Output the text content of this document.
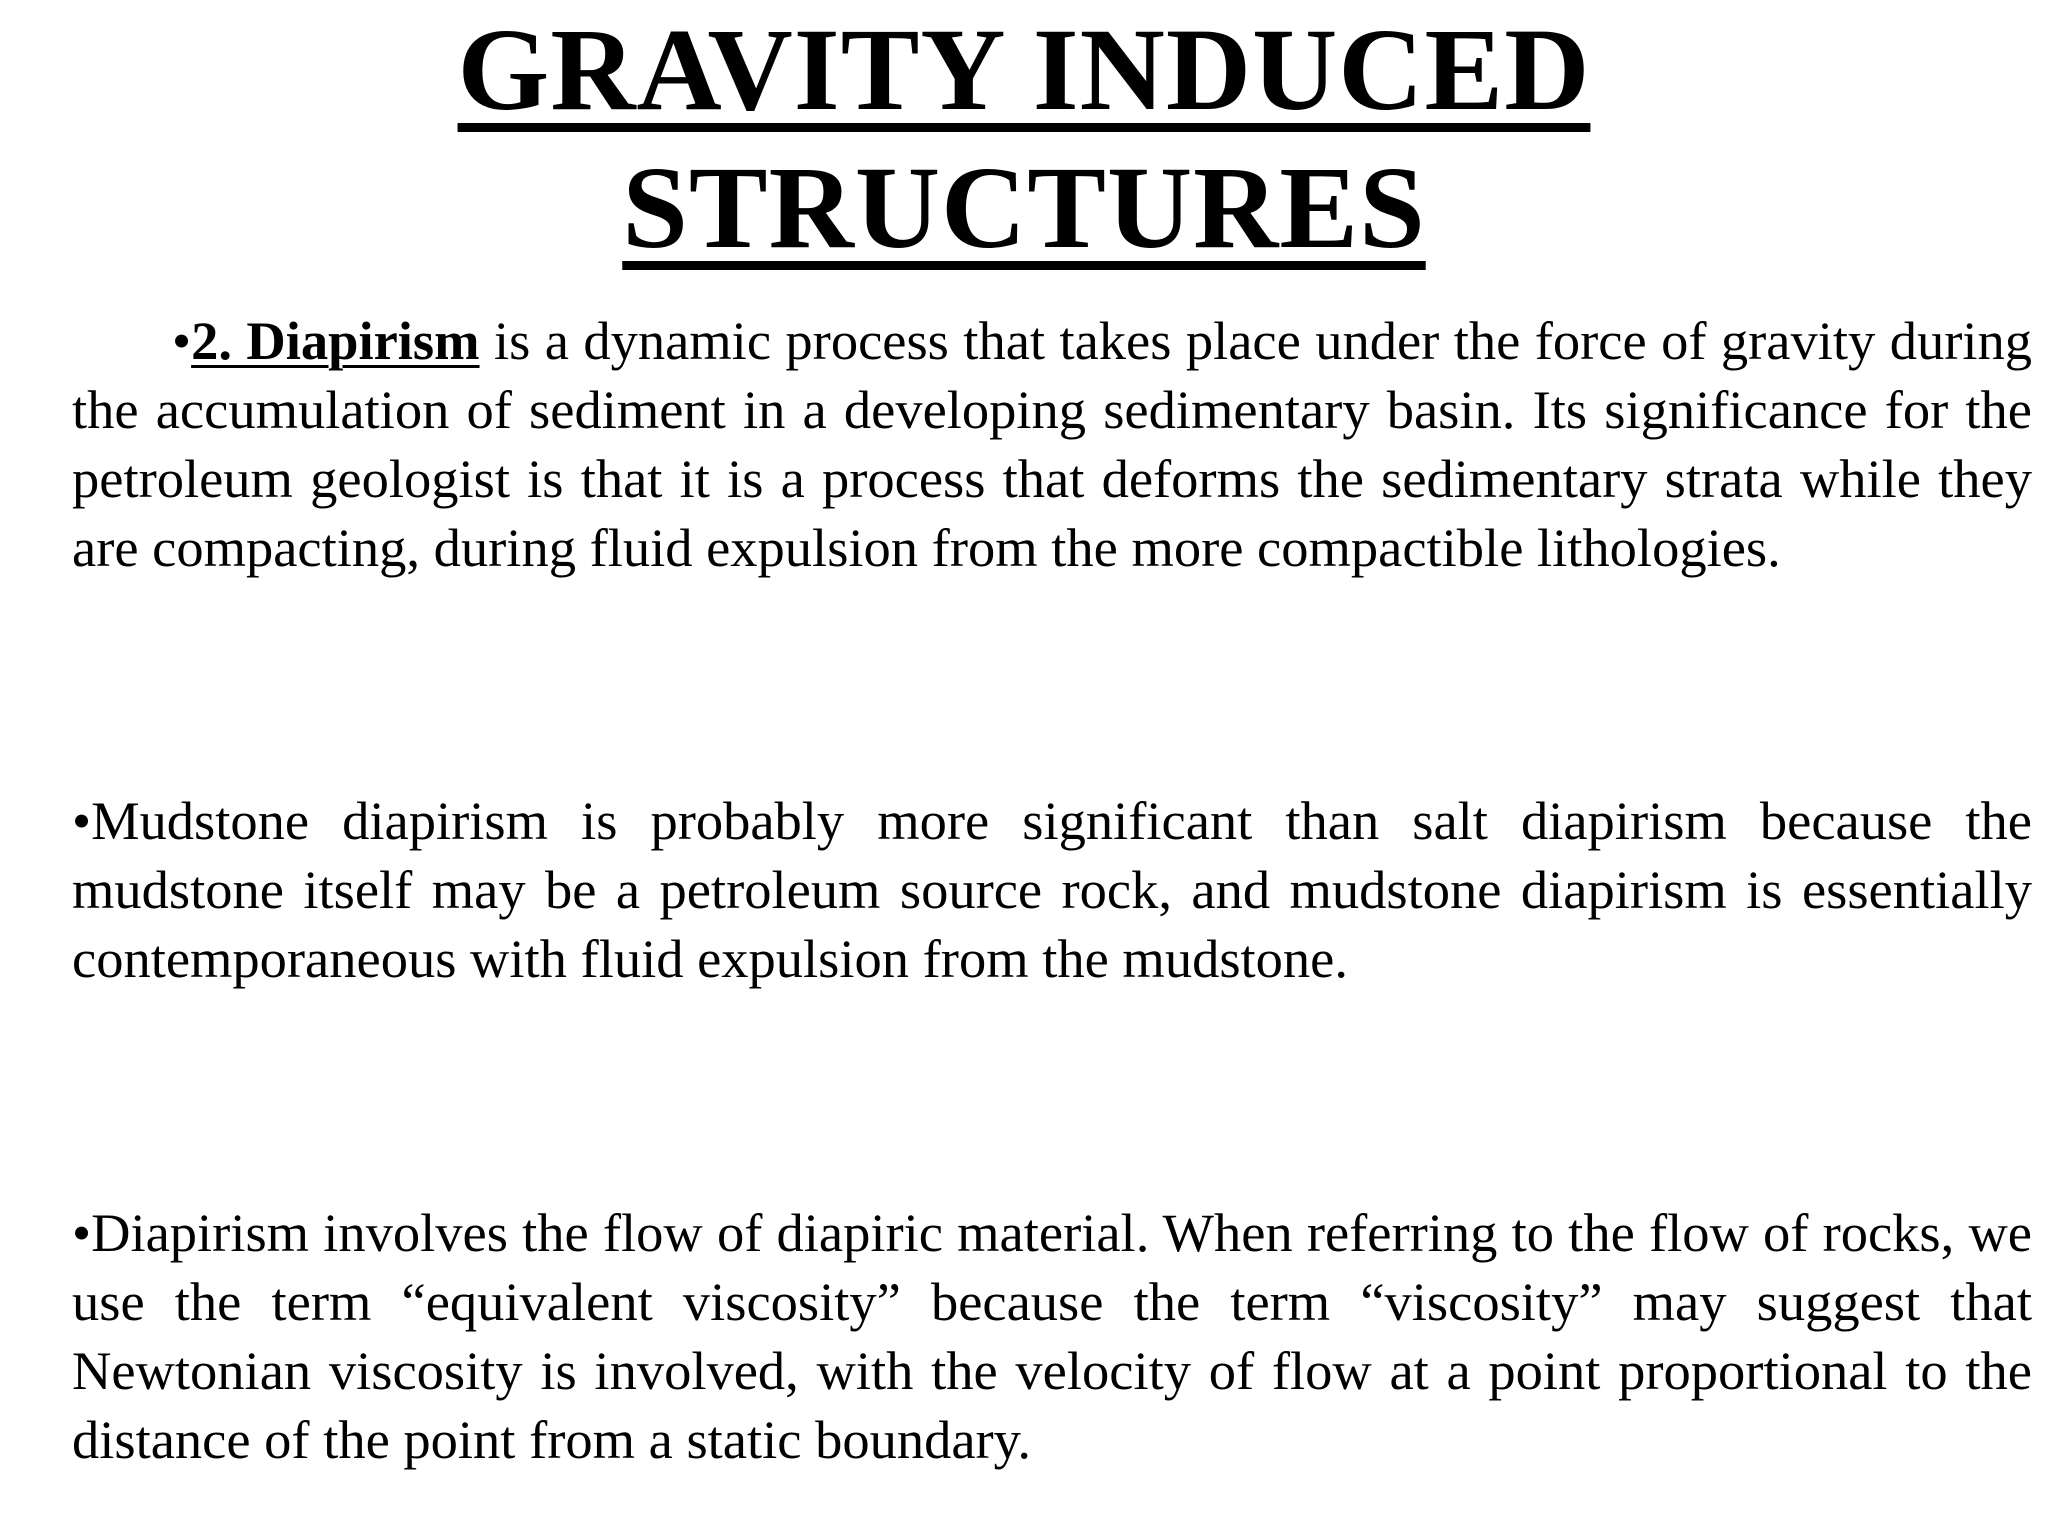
GRAVITY INDUCED
STRUCTURES

•2. Diapirism is a dynamic process that takes place under the force of gravity during the accumulation of sediment in a developing sedimentary basin. Its significance for the petroleum geologist is that it is a process that deforms the sedimentary strata while they are compacting, during fluid expulsion from the more compactible lithologies.

•Mudstone diapirism is probably more significant than salt diapirism because the mudstone itself may be a petroleum source rock, and mudstone diapirism is essentially contemporaneous with fluid expulsion from the mudstone.

•Diapirism involves the flow of diapiric material. When referring to the flow of rocks, we use the term “equivalent viscosity” because the term “viscosity” may suggest that Newtonian viscosity is involved, with the velocity of flow at a point proportional to the distance of the point from a static boundary.
